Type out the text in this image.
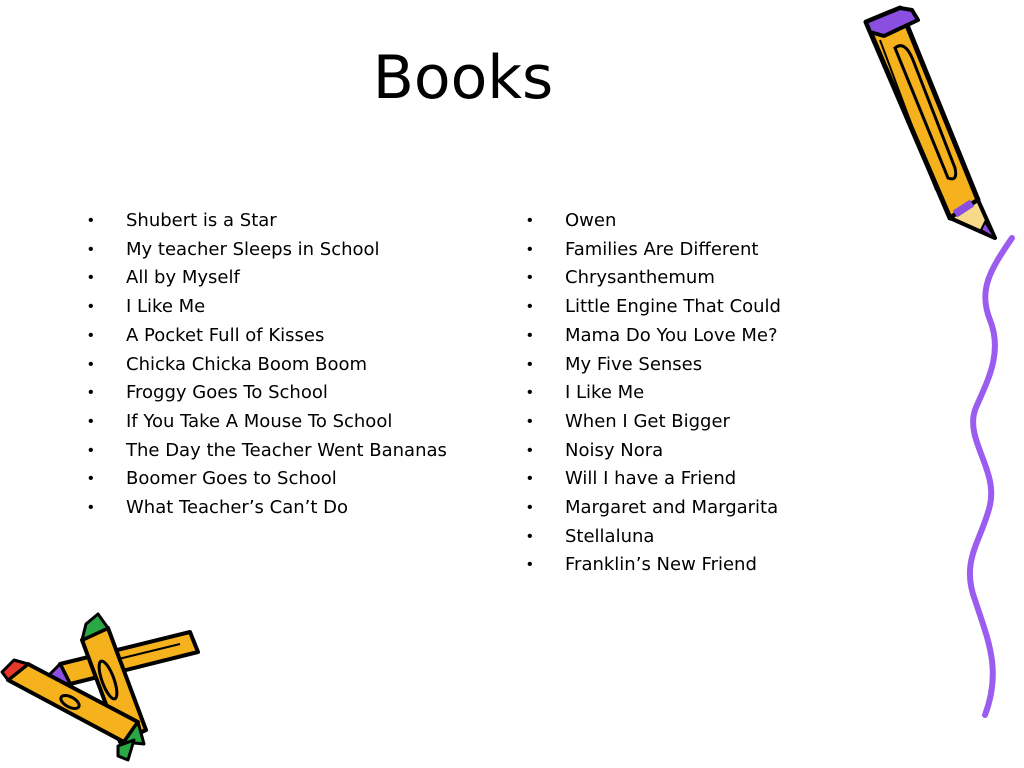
Books
• Shubert is a Star
• My teacher Sleeps in School
• All by Myself
• I Like Me
• A Pocket Full of Kisses
• Chicka Chicka Boom Boom
• Froggy Goes To School
• If You Take A Mouse To School
• The Day the Teacher Went Bananas
• Boomer Goes to School
• What Teacher’s Can’t Do
• Owen
• Families Are Different
• Chrysanthemum
• Little Engine That Could
• Mama Do You Love Me?
• My Five Senses
• I Like Me
• When I Get Bigger
• Noisy Nora
• Will I have a Friend
• Margaret and Margarita
• Stellaluna
• Franklin’s New Friend
